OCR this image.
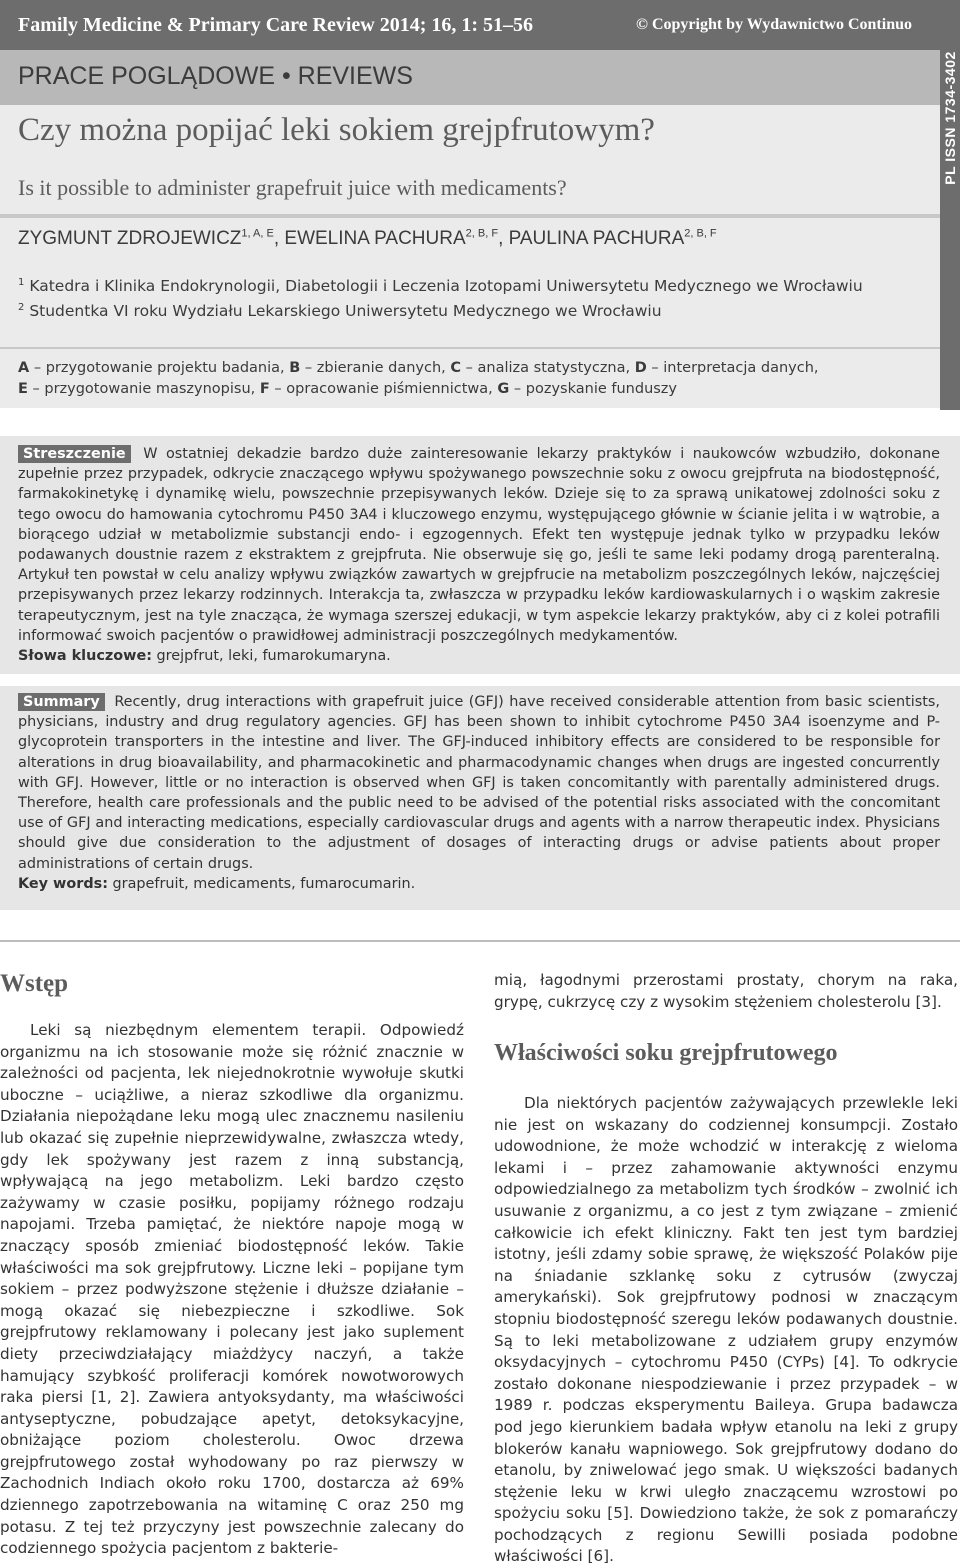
Family Medicine & Primary Care Review 2014; 16, 1: 51–56	© Copyright by Wydawnictwo Continuo
PL ISSN 1734-3402
PRACE POGLĄDOWE • REVIEWS
Czy można popijać leki sokiem grejpfrutowym?
Is it possible to administer grapefruit juice with medicaments?
ZYGMUNT $ZDROJEWICZ^{1, A, E}$, EWELINA $PACHURA^{2, B, F}$, PAULINA $PACHURA^{2, B, F}$
$^1$ Katedra i Klinika Endokrynologii, Diabetologii i Leczenia Izotopami Uniwersytetu Medycznego we Wrocławiu
$^2$ Studentka VI roku Wydziału Lekarskiego Uniwersytetu Medycznego we Wrocławiu
A – przygotowanie projektu badania, B – zbieranie danych, C – analiza statystyczna, D – interpretacja danych,
E – przygotowanie maszynopisu, F – opracowanie piśmiennictwa, G – pozyskanie funduszy
Streszczenie W ostatniej dekadzie bardzo duże zainteresowanie lekarzy praktyków i naukowców wzbudziło, dokonane zupełnie przez przypadek, odkrycie znaczącego wpływu spożywanego powszechnie soku z owocu grejpfruta na biodostępność, farmakokinetykę i dynamikę wielu, powszechnie przepisywanych leków. Dzieje się to za sprawą unikatowej zdolności soku z tego owocu do hamowania cytochromu P450 3A4 i kluczowego enzymu, występującego głównie w ścianie jelita i w wątrobie, a biorącego udział w metabolizmie substancji endo- i egzogennych. Efekt ten występuje jednak tylko w przypadku leków podawanych doustnie razem z ekstraktem z grejpfruta. Nie obserwuje się go, jeśli te same leki podamy drogą parenteralną. Artykuł ten powstał w celu analizy wpływu związków zawartych w grejpfrucie na metabolizm poszczególnych leków, najczęściej przepisywanych przez lekarzy rodzinnych. Interakcja ta, zwłaszcza w przypadku leków kardiowaskularnych i o wąskim zakresie terapeutycznym, jest na tyle znacząca, że wymaga szerszej edukacji, w tym aspekcie lekarzy praktyków, aby ci z kolei potrafili informować swoich pacjentów o prawidłowej administracji poszczególnych medykamentów.
Słowa kluczowe: grejpfrut, leki, fumarokumaryna.
Summary Recently, drug interactions with grapefruit juice (GFJ) have received considerable attention from basic scientists, physicians, industry and drug regulatory agencies. GFJ has been shown to inhibit cytochrome P450 3A4 isoenzyme and P-glycoprotein transporters in the intestine and liver. The GFJ-induced inhibitory effects are considered to be responsible for alterations in drug bioavailability, and pharmacokinetic and pharmacodynamic changes when drugs are ingested concurrently with GFJ. However, little or no interaction is observed when GFJ is taken concomitantly with parentally administered drugs. Therefore, health care professionals and the public need to be advised of the potential risks associated with the concomitant use of GFJ and interacting medications, especially cardiovascular drugs and agents with a narrow therapeutic index. Physicians should give due consideration to the adjustment of dosages of interacting drugs or advise patients about proper administrations of certain drugs.
Key words: grapefruit, medicaments, fumarocumarin.
Wstęp

Leki są niezbędnym elementem terapii. Odpowiedź organizmu na ich stosowanie może się różnić znacznie w zależności od pacjenta, lek niejednokrotnie wywołuje skutki uboczne – uciążliwe, a nieraz szkodliwe dla organizmu. Działania niepożądane leku mogą ulec znacznemu nasileniu lub okazać się zupełnie nieprzewidywalne, zwłaszcza wtedy, gdy lek spożywany jest razem z inną substancją, wpływającą na jego metabolizm. Leki bardzo często zażywamy w czasie posiłku, popijamy różnego rodzaju napojami. Trzeba pamiętać, że niektóre napoje mogą w znaczący sposób zmieniać biodostępność leków. Takie właściwości ma sok grejpfrutowy. Liczne leki – popijane tym sokiem – przez podwyższone stężenie i dłuższe działanie – mogą okazać się niebezpieczne i szkodliwe. Sok grejpfrutowy reklamowany i polecany jest jako suplement diety przeciwdziałający miażdżycy naczyń, a także hamujący szybkość proliferacji komórek nowotworowych raka piersi [1, 2]. Zawiera antyoksydanty, ma właściwości antyseptyczne, pobudzające apetyt, detoksykacyjne, obniżające poziom cholesterolu. Owoc drzewa grejpfrutowego został wyhodowany po raz pierwszy w Zachodnich Indiach około roku 1700, dostarcza aż 69% dziennego zapotrzebowania na witaminę C oraz 250 mg potasu. Z tej też przyczyny jest powszechnie zalecany do codziennego spożycia pacjentom z bakterie-

mią, łagodnymi przerostami prostaty, chorym na raka, grypę, cukrzycę czy z wysokim stężeniem cholesterolu [3].

Właściwości soku grejpfrutowego

Dla niektórych pacjentów zażywających przewlekle leki nie jest on wskazany do codziennej konsumpcji. Zostało udowodnione, że może wchodzić w interakcję z wieloma lekami i – przez zahamowanie aktywności enzymu odpowiedzialnego za metabolizm tych środków – zwolnić ich usuwanie z organizmu, a co jest z tym związane – zmienić całkowicie ich efekt kliniczny. Fakt ten jest tym bardziej istotny, jeśli zdamy sobie sprawę, że większość Polaków pije na śniadanie szklankę soku z cytrusów (zwyczaj amerykański). Sok grejpfrutowy podnosi w znaczącym stopniu biodostępność szeregu leków podawanych doustnie. Są to leki metabolizowane z udziałem grupy enzymów oksydacyjnych – cytochromu P450 (CYPs) [4]. To odkrycie zostało dokonane niespodziewanie i przez przypadek – w 1989 r. podczas eksperymentu Baileya. Grupa badawcza pod jego kierunkiem badała wpływ etanolu na leki z grupy blokerów kanału wapniowego. Sok grejpfrutowy dodano do etanolu, by zniwelować jego smak. U większości badanych stężenie leku w krwi uległo znaczącemu wzrostowi po spożyciu soku [5]. Dowiedziono także, że sok z pomarańczy pochodzących z regionu Sewilli posiada podobne właściwości [6].
